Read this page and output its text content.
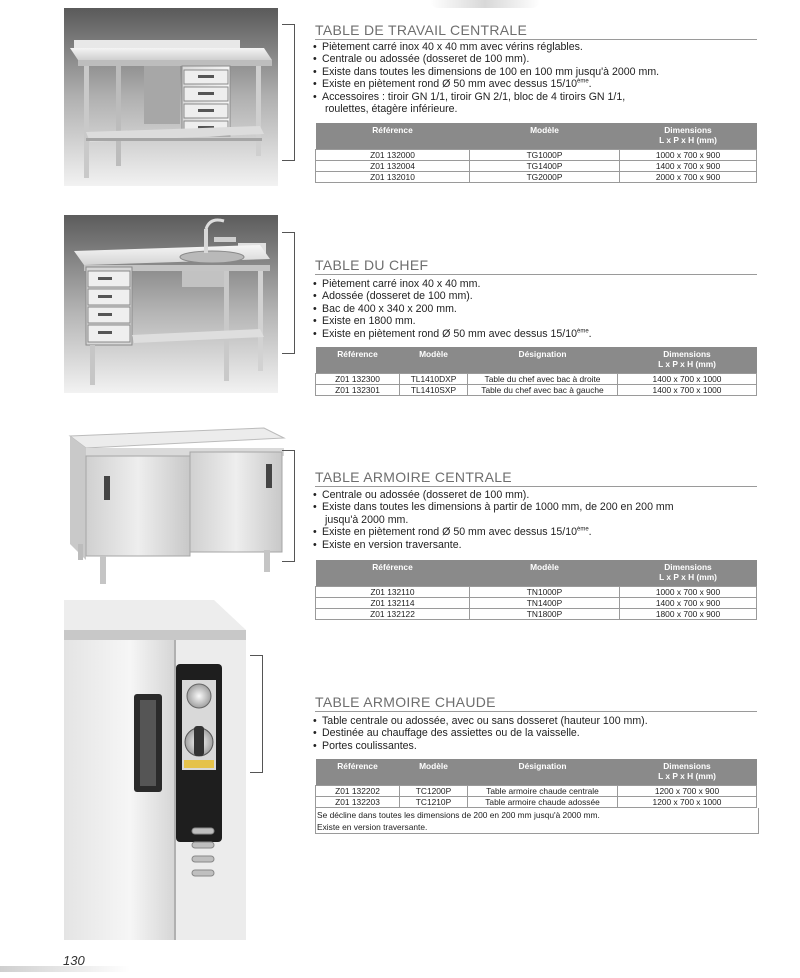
TABLE DE TRAVAIL CENTRALE
• Piètement carré inox 40 x 40 mm avec vérins réglables.
• Centrale ou adossée (dosseret de 100 mm).
• Existe dans toutes les dimensions de 100 en 100 mm jusqu'à 2000 mm.
• Existe en piètement rond Ø 50 mm avec dessus 15/10ème.
• Accessoires : tiroir GN 1/1, tiroir GN 2/1, bloc de 4 tiroirs GN 1/1,
roulettes, étagère inférieure.
Référence	Modèle	Dimensions
L x P x H (mm)

Z01 132000	TG1000P	1000 x 700 x 900
Z01 132004	TG1400P	1400 x 700 x 900
Z01 132010	TG2000P	2000 x 700 x 900
TABLE DU CHEF
• Piètement carré inox 40 x 40 mm.
• Adossée (dosseret de 100 mm).
• Bac de 400 x 340 x 200 mm.
• Existe en 1800 mm.
• Existe en piètement rond Ø 50 mm avec dessus 15/10ème.
Référence	Modèle	Désignation	Dimensions
L x P x H (mm)

Z01 132300	TL1410DXP	Table du chef avec bac à droite	1400 x 700 x 1000
Z01 132301	TL1410SXP	Table du chef avec bac à gauche	1400 x 700 x 1000
TABLE ARMOIRE CENTRALE
• Centrale ou adossée (dosseret de 100 mm).
• Existe dans toutes les dimensions à partir de 1000 mm, de 200 en 200 mm
jusqu'à 2000 mm.
• Existe en piètement rond Ø 50 mm avec dessus 15/10ème.
• Existe en version traversante.
Référence	Modèle	Dimensions
L x P x H (mm)

Z01 132110	TN1000P	1000 x 700 x 900
Z01 132114	TN1400P	1400 x 700 x 900
Z01 132122	TN1800P	1800 x 700 x 900
TABLE ARMOIRE CHAUDE
• Table centrale ou adossée, avec ou sans dosseret (hauteur 100 mm).
• Destinée au chauffage des assiettes ou de la vaisselle.
• Portes coulissantes.
Référence	Modèle	Désignation	Dimensions
L x P x H (mm)

Z01 132202	TC1200P	Table armoire chaude centrale	1200 x 700 x 900
Z01 132203	TC1210P	Table armoire chaude adossée	1200 x 700 x 1000
Se décline dans toutes les dimensions de 200 en 200 mm jusqu'à 2000 mm.
Existe en version traversante.
130
